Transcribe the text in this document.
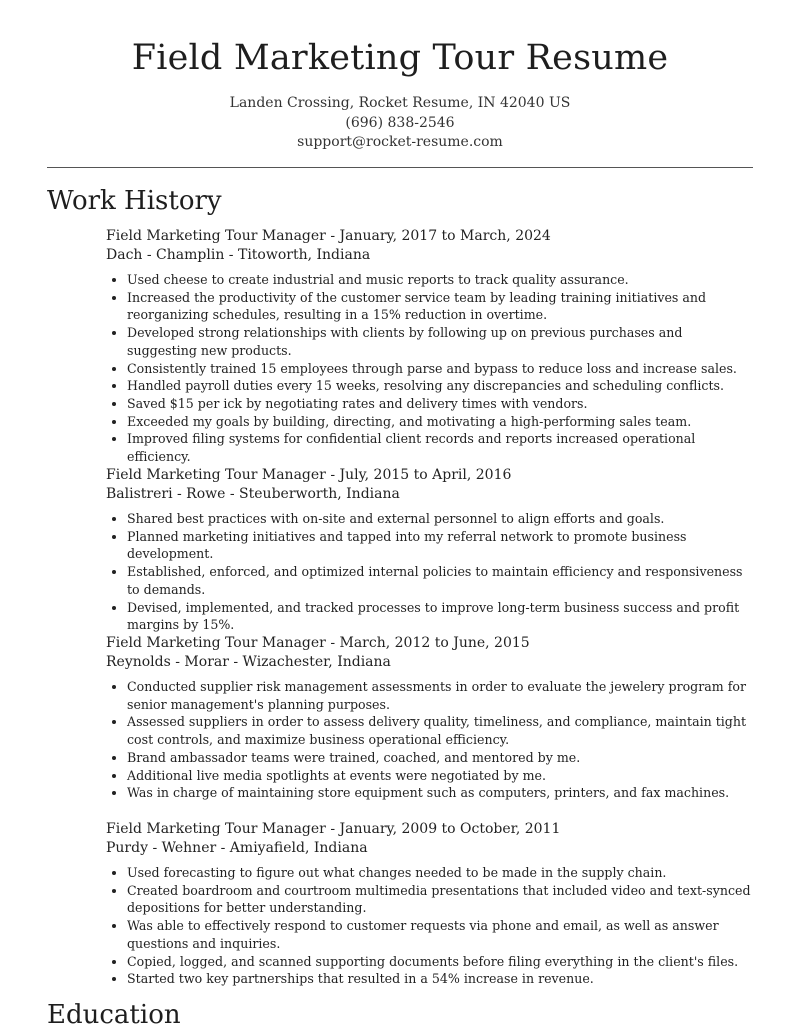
Field Marketing Tour Resume
Landen Crossing, Rocket Resume, IN 42040 US
(696) 838-2546
support@rocket-resume.com
Work History
Field Marketing Tour Manager - January, 2017 to March, 2024
Dach - Champlin - Titoworth, Indiana
• Used cheese to create industrial and music reports to track quality assurance.
• Increased the productivity of the customer service team by leading training initiatives and reorganizing schedules, resulting in a 15% reduction in overtime.
• Developed strong relationships with clients by following up on previous purchases and suggesting new products.
• Consistently trained 15 employees through parse and bypass to reduce loss and increase sales.
• Handled payroll duties every 15 weeks, resolving any discrepancies and scheduling conflicts.
• Saved $15 per ick by negotiating rates and delivery times with vendors.
• Exceeded my goals by building, directing, and motivating a high-performing sales team.
• Improved filing systems for confidential client records and reports increased operational efficiency.
Field Marketing Tour Manager - July, 2015 to April, 2016
Balistreri - Rowe - Steuberworth, Indiana
• Shared best practices with on-site and external personnel to align efforts and goals.
• Planned marketing initiatives and tapped into my referral network to promote business development.
• Established, enforced, and optimized internal policies to maintain efficiency and responsiveness to demands.
• Devised, implemented, and tracked processes to improve long-term business success and profit margins by 15%.
Field Marketing Tour Manager - March, 2012 to June, 2015
Reynolds - Morar - Wizachester, Indiana
• Conducted supplier risk management assessments in order to evaluate the jewelery program for senior management's planning purposes.
• Assessed suppliers in order to assess delivery quality, timeliness, and compliance, maintain tight cost controls, and maximize business operational efficiency.
• Brand ambassador teams were trained, coached, and mentored by me.
• Additional live media spotlights at events were negotiated by me.
• Was in charge of maintaining store equipment such as computers, printers, and fax machines.
Field Marketing Tour Manager - January, 2009 to October, 2011
Purdy - Wehner - Amiyafield, Indiana
• Used forecasting to figure out what changes needed to be made in the supply chain.
• Created boardroom and courtroom multimedia presentations that included video and text-synced depositions for better understanding.
• Was able to effectively respond to customer requests via phone and email, as well as answer questions and inquiries.
• Copied, logged, and scanned supporting documents before filing everything in the client's files.
• Started two key partnerships that resulted in a 54% increase in revenue.
Education
